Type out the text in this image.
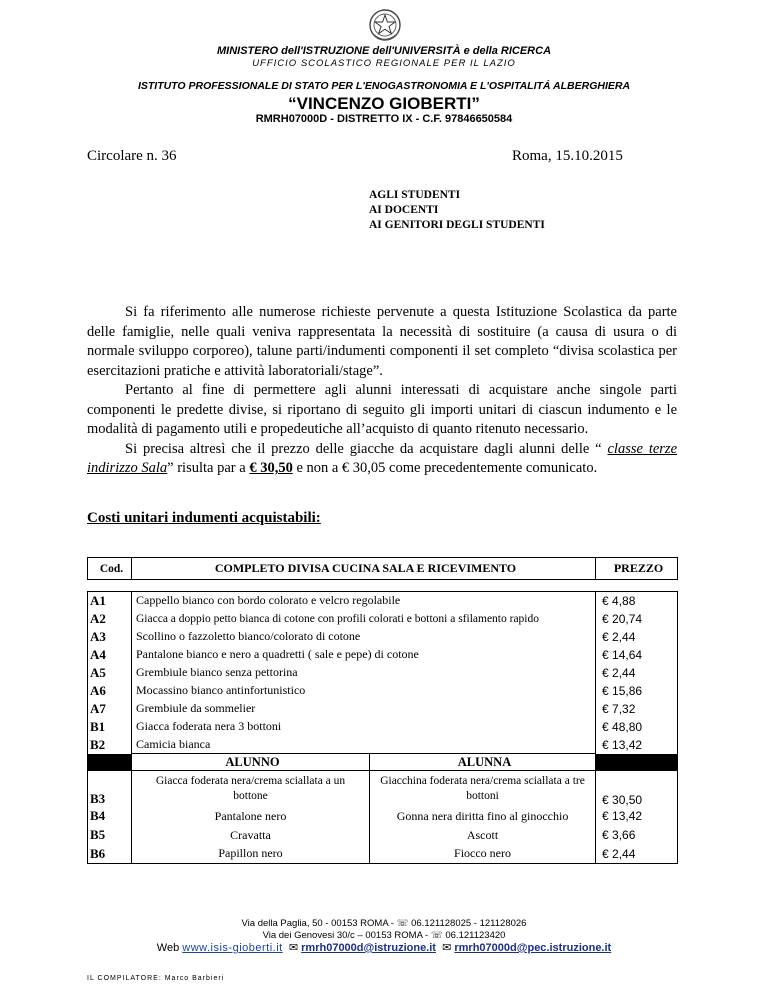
MINISTERO dell'ISTRUZIONE dell'UNIVERSITÀ e della RICERCA
UFFICIO SCOLASTICO REGIONALE PER IL LAZIO
ISTITUTO PROFESSIONALE DI STATO PER L'ENOGASTRONOMIA E L'OSPITALITÁ ALBERGHIERA
“VINCENZO GIOBERTI”
RMRH07000D - DISTRETTO IX - C.F. 97846650584
Circolare n. 36	Roma, 15.10.2015
AGLI STUDENTI
AI DOCENTI
AI GENITORI DEGLI STUDENTI

Si fa riferimento alle numerose richieste pervenute a questa Istituzione Scolastica da parte delle famiglie, nelle quali veniva rappresentata la necessità di sostituire (a causa di usura o di normale sviluppo corporeo), talune parti/indumenti componenti il set completo “divisa scolastica per esercitazioni pratiche e attività laboratoriali/stage”.

Pertanto al fine di permettere agli alunni interessati di acquistare anche singole parti componenti le predette divise, si riportano di seguito gli importi unitari di ciascun indumento e le modalità di pagamento utili e propedeutiche all’acquisto di quanto ritenuto necessario.

Si precisa altresì che il prezzo delle giacche da acquistare dagli alunni delle “ classe terze indirizzo Sala” risulta par a € 30,50 e non a € 30,05 come precedentemente comunicato.

Costi unitari indumenti acquistabili:
Cod.	COMPLETO DIVISA CUCINA SALA E RICEVIMENTO		PREZZO

A1	Cappello bianco con bordo colorato e velcro regolabile		€ 4,88
A2	Giacca a doppio petto bianca di cotone con profili colorati e bottoni a sfilamento rapido		€ 20,74
A3	Scollino o fazzoletto bianco/colorato di cotone		€ 2,44
A4	Pantalone bianco e nero a quadretti ( sale e pepe) di cotone		€ 14,64
A5	Grembiule bianco senza pettorina		€ 2,44
A6	Mocassino bianco antinfortunistico		€ 15,86
A7	Grembiule da sommelier		€ 7,32
B1	Giacca foderata nera 3 bottoni		€ 48,80
B2	Camicia bianca		€ 13,42
	ALUNNO	ALUNNA	
B3	Giacca foderata nera/crema sciallata a un bottone	Giacchina foderata nera/crema sciallata a tre bottoni	€ 30,50
B4	Pantalone nero	Gonna nera diritta fino al ginocchio	€ 13,42
B5	Cravatta	Ascott	€ 3,66
B6	Papillon nero	Fiocco nero	€ 2,44
Via della Paglia, 50 - 00153 ROMA - ☏ 06.121128025 - 121128026
Via dei Genovesi 30/c – 00153 ROMA - ☏ 06.121123420
Web www.isis-gioberti.it  ✉ rmrh07000d@istruzione.it  ✉ rmrh07000d@pec.istruzione.it
IL COMPILATORE: Marco Barbieri
